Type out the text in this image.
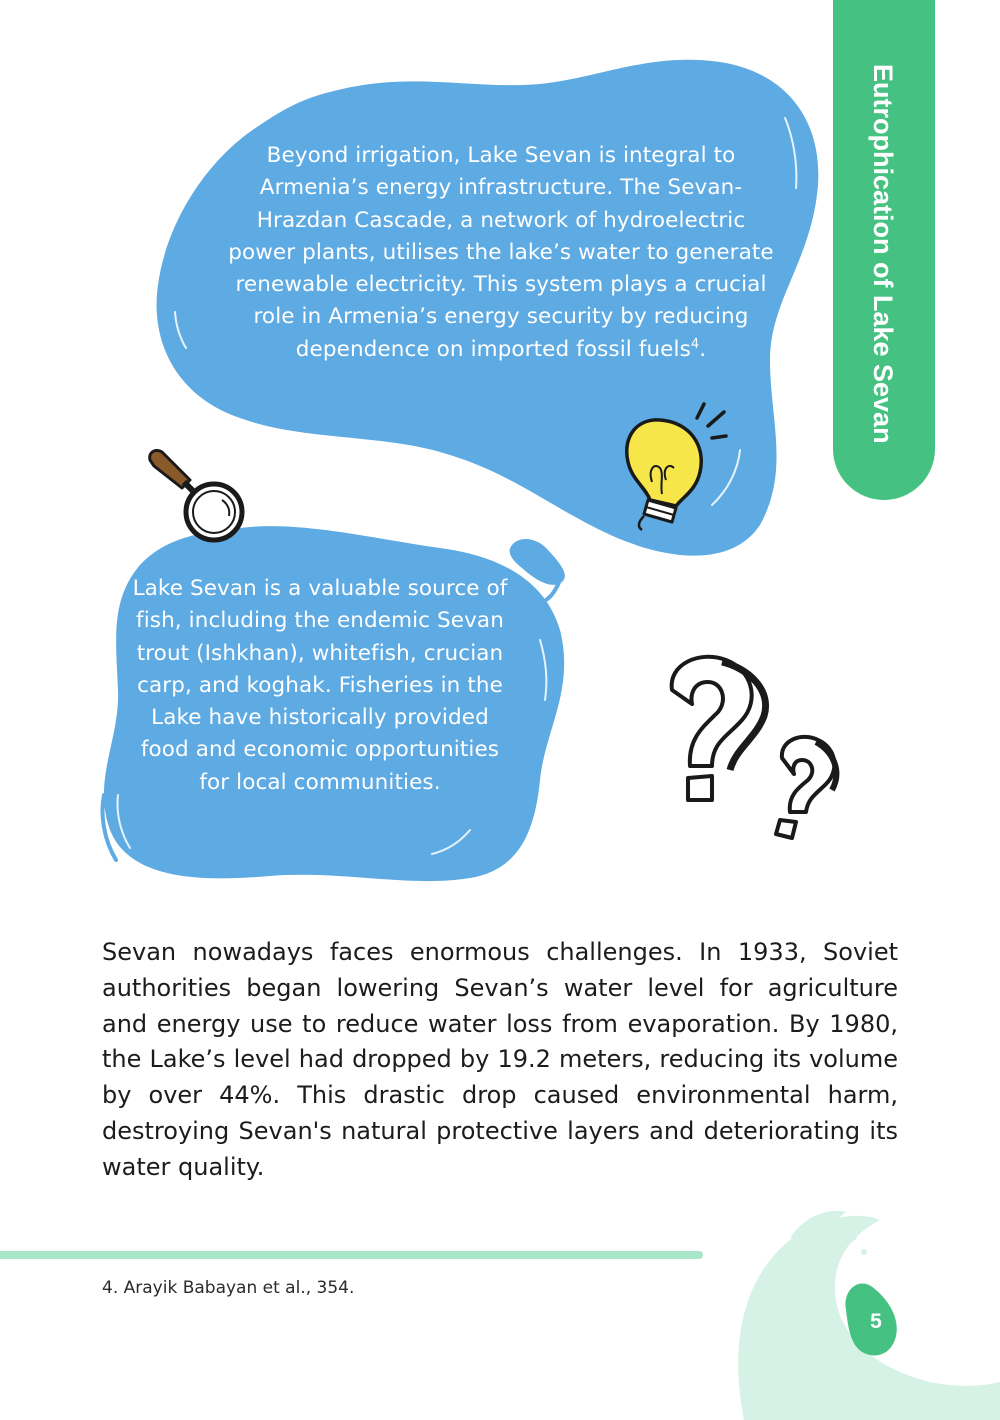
Eutrophication of Lake Sevan
Beyond irrigation, Lake Sevan is integral to Armenia’s energy infrastructure. The Sevan-Hrazdan Cascade, a network of hydroelectric power plants, utilises the lake’s water to generate renewable electricity. This system plays a crucial role in Armenia’s energy security by reducing dependence on imported fossil fuels$^4$.
Lake Sevan is a valuable source of fish, including the endemic Sevan trout (Ishkhan), whitefish, crucian carp, and koghak. Fisheries in the Lake have historically provided food and economic opportunities for local communities.

Sevan nowadays faces enormous challenges. In 1933, Soviet authorities began lowering Sevan’s water level for agriculture and energy use to reduce water loss from evaporation. By 1980, the Lake’s level had dropped by 19.2 meters, reducing its volume by over 44%. This drastic drop caused environmental harm, destroying Sevan's natural protective layers and deteriorating its water quality.

4. Arayik Babayan et al., 354.
5
